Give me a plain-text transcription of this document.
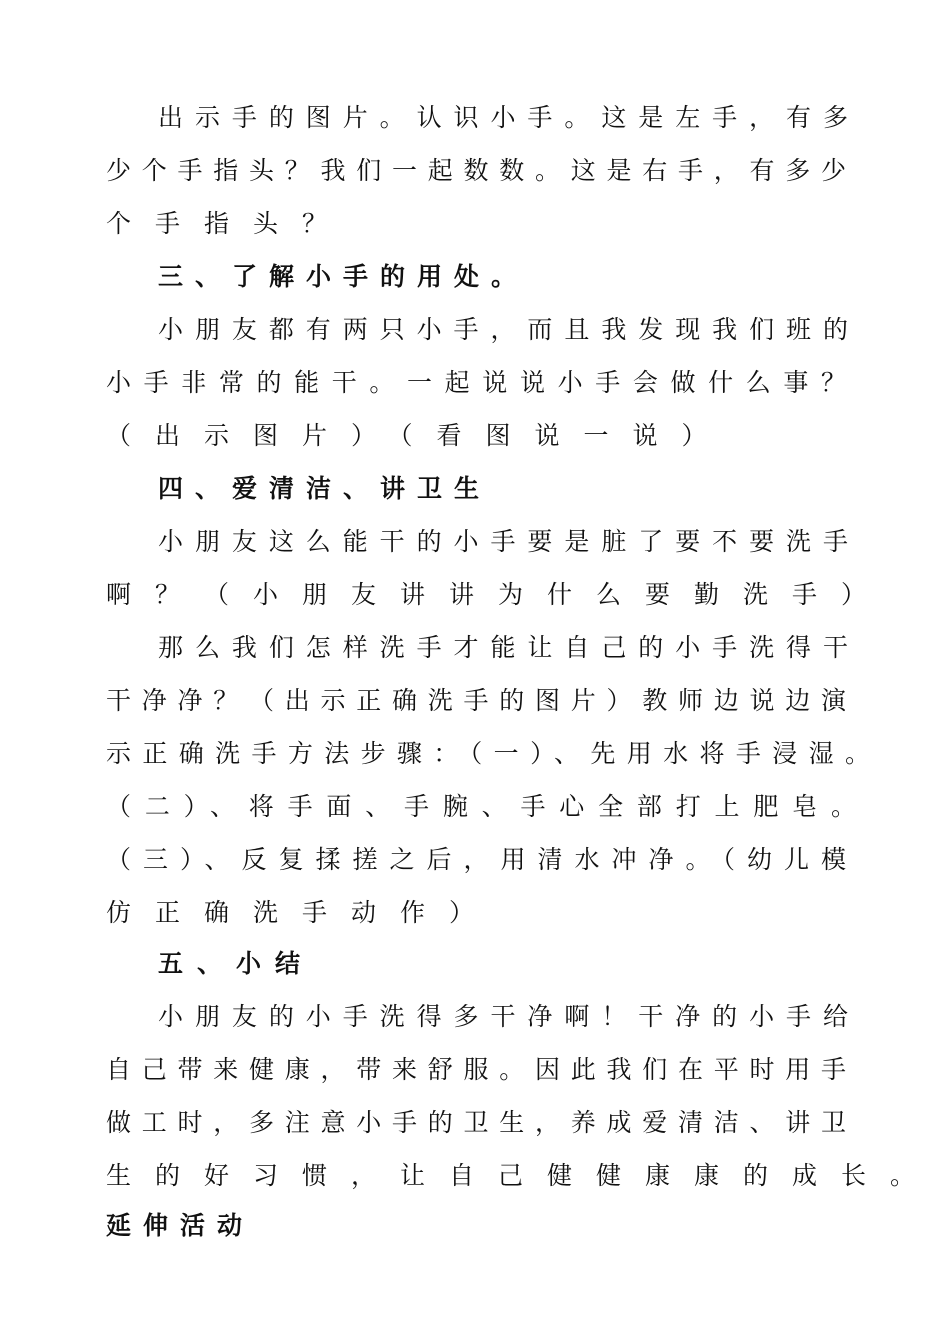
出示手的图片。认识小手。这是左手，有多
少个手指头？我们一起数数。这是右手，有多少
个手指头？
三、了解小手的用处。
小朋友都有两只小手，而且我发现我们班的
小手非常的能干。一起说说小手会做什么事？
（出示图片）（看图说一说）
四、爱清洁、讲卫生
小朋友这么能干的小手要是脏了要不要洗手
啊？（小朋友讲讲为什么要勤洗手）
那么我们怎样洗手才能让自己的小手洗得干
干净净？（出示正确洗手的图片）教师边说边演
示正确洗手方法步骤：（一）、先用水将手浸湿。
（二）、将手面、手腕、手心全部打上肥皂。
（三）、反复揉搓之后，用清水冲净。（幼儿模
仿正确洗手动作）
五、小结
小朋友的小手洗得多干净啊！干净的小手给
自己带来健康，带来舒服。因此我们在平时用手
做工时，多注意小手的卫生，养成爱清洁、讲卫
生的好习惯，让自己健健康康的成长。
延伸活动
